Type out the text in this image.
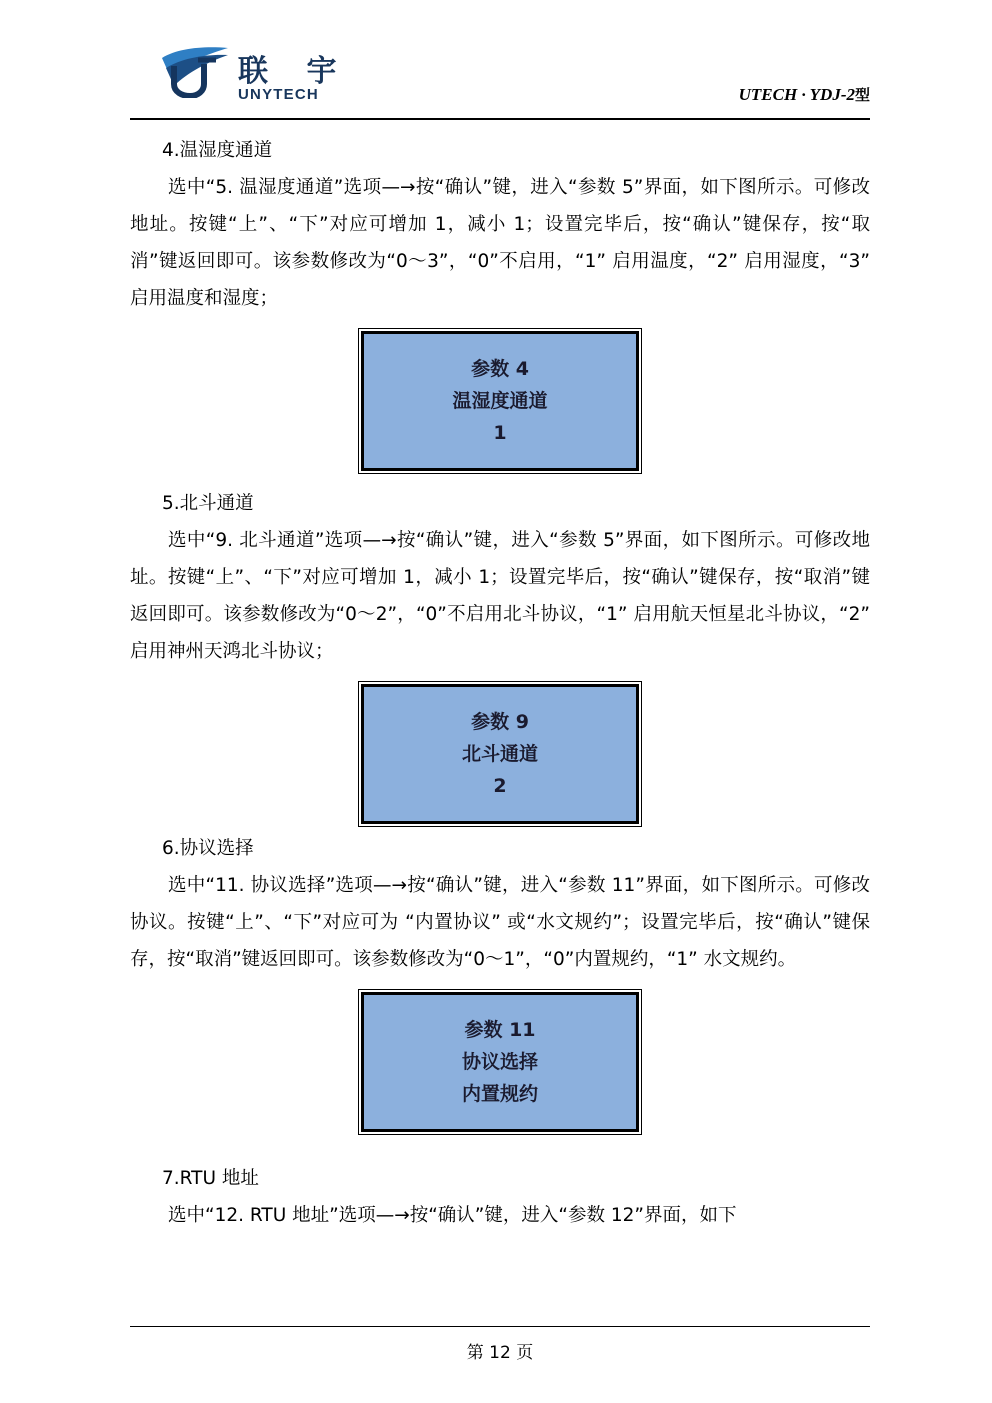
联 宇
UNYTECH	UTECH · YDJ-2型
4.温湿度通道

选中“5. 温湿度通道”选项—→按“确认”键，进入“参数 5”界面，如下图所示。可修改地址。按键“上”、“下”对应可增加 1，减小 1；设置完毕后，按“确认”键保存，按“取消”键返回即可。该参数修改为“0～3”，“0”不启用，“1” 启用温度，“2” 启用湿度，“3” 启用温度和湿度；

参数 4
温湿度通道
1
5.北斗通道

选中“9. 北斗通道”选项—→按“确认”键，进入“参数 5”界面，如下图所示。可修改地址。按键“上”、“下”对应可增加 1，减小 1；设置完毕后，按“确认”键保存，按“取消”键返回即可。该参数修改为“0～2”，“0”不启用北斗协议，“1” 启用航天恒星北斗协议，“2” 启用神州天鸿北斗协议；

参数 9
北斗通道
2
6.协议选择

选中“11. 协议选择”选项—→按“确认”键，进入“参数 11”界面，如下图所示。可修改协议。按键“上”、“下”对应可为 “内置协议” 或“水文规约”；设置完毕后，按“确认”键保存，按“取消”键返回即可。该参数修改为“0～1”，“0”内置规约，“1” 水文规约。

参数 11
协议选择
内置规约
7.RTU 地址

选中“12. RTU 地址”选项—→按“确认”键，进入“参数 12”界面，如下

第 12 页
